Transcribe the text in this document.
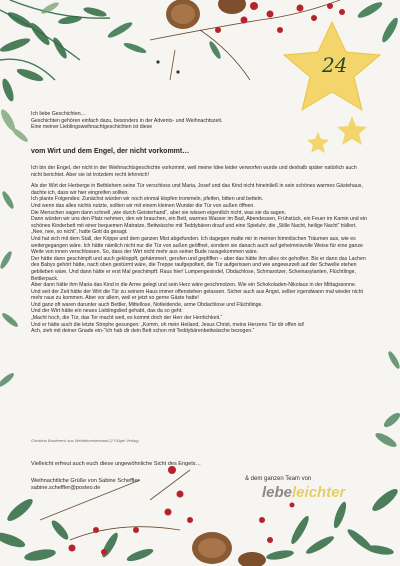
24
Ich liebe Geschichten…
Geschichten gehören einfach dazu, besonders in der Advents- und Weihnachtszeit.
Eine meiner Lieblingsweihnachtgeschichten ist diese
vom Wirt und dem Engel, der nicht vorkommt…

Ich bin der Engel, der nicht in der Weihnachtsgeschichte vorkommt, weil meine Idee leider verworfen wurde und deshalb später natürlich auch nicht berichtet. Aber sie ist trotzdem recht lehrreich!

Als der Wirt der Herberge in Bethlehem seine Tür verschloss und Maria, Josef und das Kind nicht hineinließ in sein schönes warmes Gästehaus, dachte ich, dass wir hier eingreifen sollten.
Ich plante Folgendes: Zunächst würden wir noch einmal klopfen trommeln, pfeifen, bitten und betteln.
Und wenn das alles nichts nutzte, sollten wir mit einem kleinen Wunder die Tür von außen öffnen.
Die Menschen sagen dann schnell „wie durch Geisterhand“, aber sie wissen eigentlich nicht, was sie da sagen.
Dann würden wir uns den Platz nehmen, den wir brauchen, ein Bett, warmes Wasser im Bad, Abendessen, Frühstück, ein Feuer im Kamin und ein schönes Kinderbett mit einer bequemen Matratze, Bettwäsche mit Teddybären drauf und eine Spieluhr, die „Stille Nacht, heilige Nacht“ trällert.
„Nee, nee, so nicht“, hatte Gott da gesagt.
Und hat sich mit dem Stall, der Krippe und dem ganzen Mist abgefunden. Ich dagegen malte mir in meinen himmlischen Träumen aus, wie es weitergegangen wäre. Ich hätte nämlich nicht nur die Tür von außen geöffnet, sondern sie danach auch auf geheimnisvolle Weise für eine ganze Weile von innen verschlossen. So, dass der Wirt nicht mehr aus seiner Bude rausgekommen wäre.
Der hätte dann geschimpft und auch gekloppft, gehämmert, gerufen und gepfiffen – aber das hätte ihm alles nix geholfen. Bis er dann das Lachen des Babys gehört hätte, nach oben gestürmt wäre, die Treppe raufgepoltert, die Tür aufgerissen und wie angewurzelt auf der Schwelle stehen geblieben wäre. Und dann hätte er erst Mal geschimpft: Raus hier! Lumpengesindel, Obdachlose, Schmarotzer, Scheinasylanten, Flüchtlinge, Bettlerpack.
Aber dann hätte ihm Maria das Kind in die Arme gelegt und sein Herz wäre geschmolzen. Wie ein Schokoladen-Nikolaus in der Mittagssonne.
Und seit der Zeit hätte der Wirt die Tür zu seinem Haus immer offenstehen gelassen. Sicher auch aus Angst, selber irgendwann mal wieder nicht mehr raus zu kommen. Aber vor allem, weil er jetzt so gerne Gäste hatte!
Und ganz oft waren darunter auch Bettler, Mittellose, Notleidende, arme Obdachlose und Flüchtlinge.
Und der Wirt hätte ein neues Lieblingslied gehabt, das da so geht:
„Macht hoch, die Tür, das Tor macht weit, es kommt doch der Herr der Herrlichkeit.“
Und er hätte auch die letzte Strophe gesungen: „Komm, oh mein Heiland, Jesus Christ, meins Herzens Tür dir offen ist!
Ach, zieh mit deiner Gnade ein-“Ich hab dir dein Bett schon mit Teddybärenbettwäsche bezogen.“

Christina Brudereck aus Weltfahrenbestand (2 Flügel Verlag)
Vielleicht erfreut auch euch diese ungewöhnliche Sicht des Engels…
Weihnachtliche Grüße von Sabine Scheffler
sabine.scheffler@posteo.de
& dem ganzen Team von
lebeleichter
